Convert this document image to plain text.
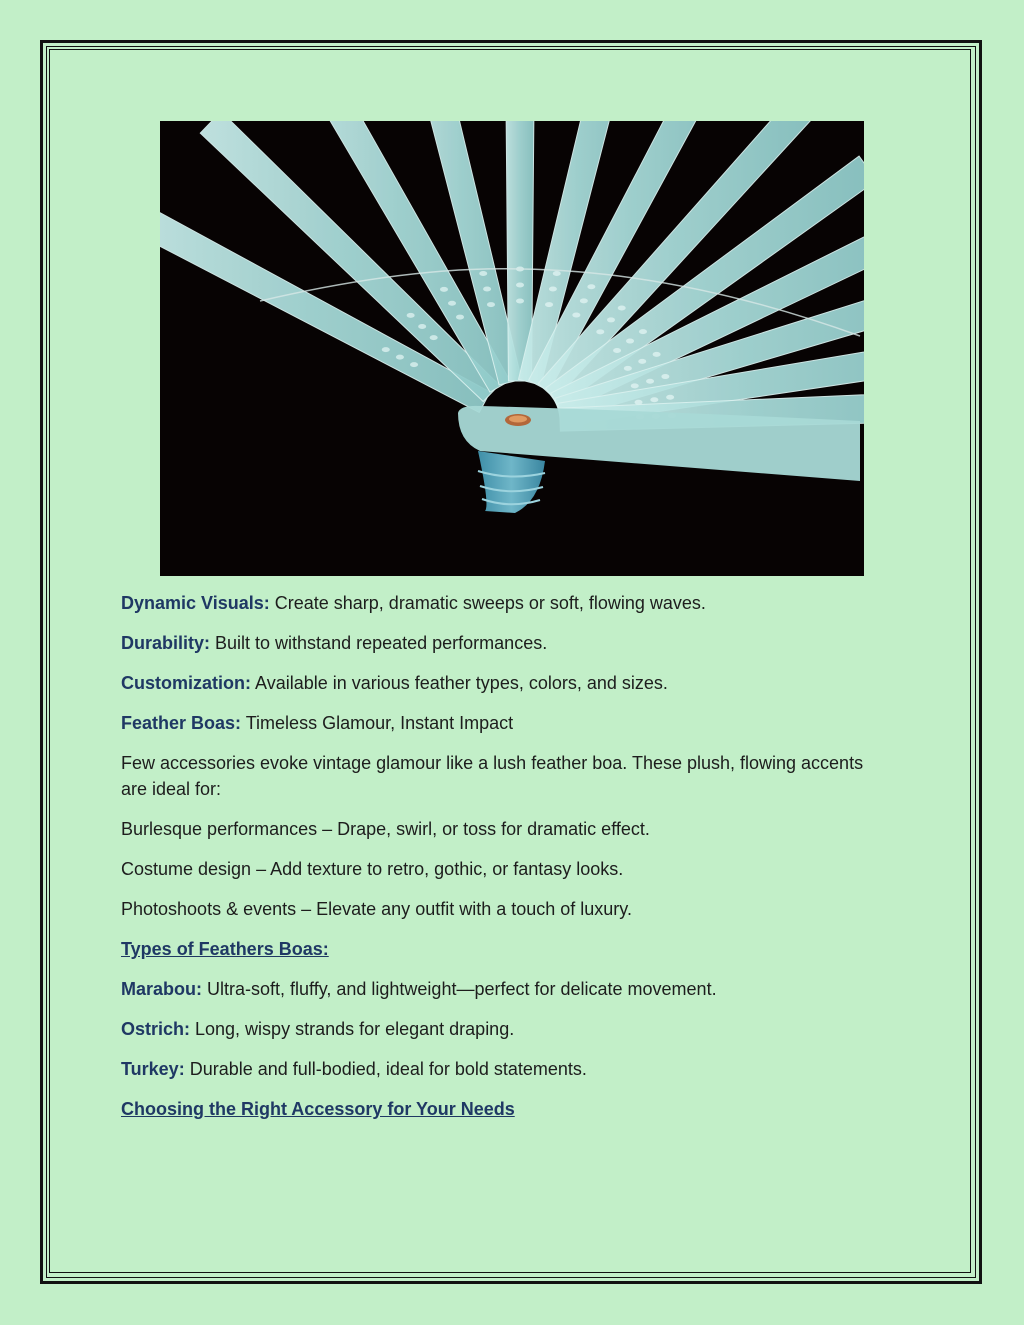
Dynamic Visuals: Create sharp, dramatic sweeps or soft, flowing waves.

Durability: Built to withstand repeated performances.

Customization: Available in various feather types, colors, and sizes.

Feather Boas: Timeless Glamour, Instant Impact

Few accessories evoke vintage glamour like a lush feather boa. These plush, flowing accents are ideal for:

Burlesque performances – Drape, swirl, or toss for dramatic effect.

Costume design – Add texture to retro, gothic, or fantasy looks.

Photoshoots & events – Elevate any outfit with a touch of luxury.

Types of Feathers Boas:

Marabou: Ultra-soft, fluffy, and lightweight—perfect for delicate movement.

Ostrich: Long, wispy strands for elegant draping.

Turkey: Durable and full-bodied, ideal for bold statements.

Choosing the Right Accessory for Your Needs
